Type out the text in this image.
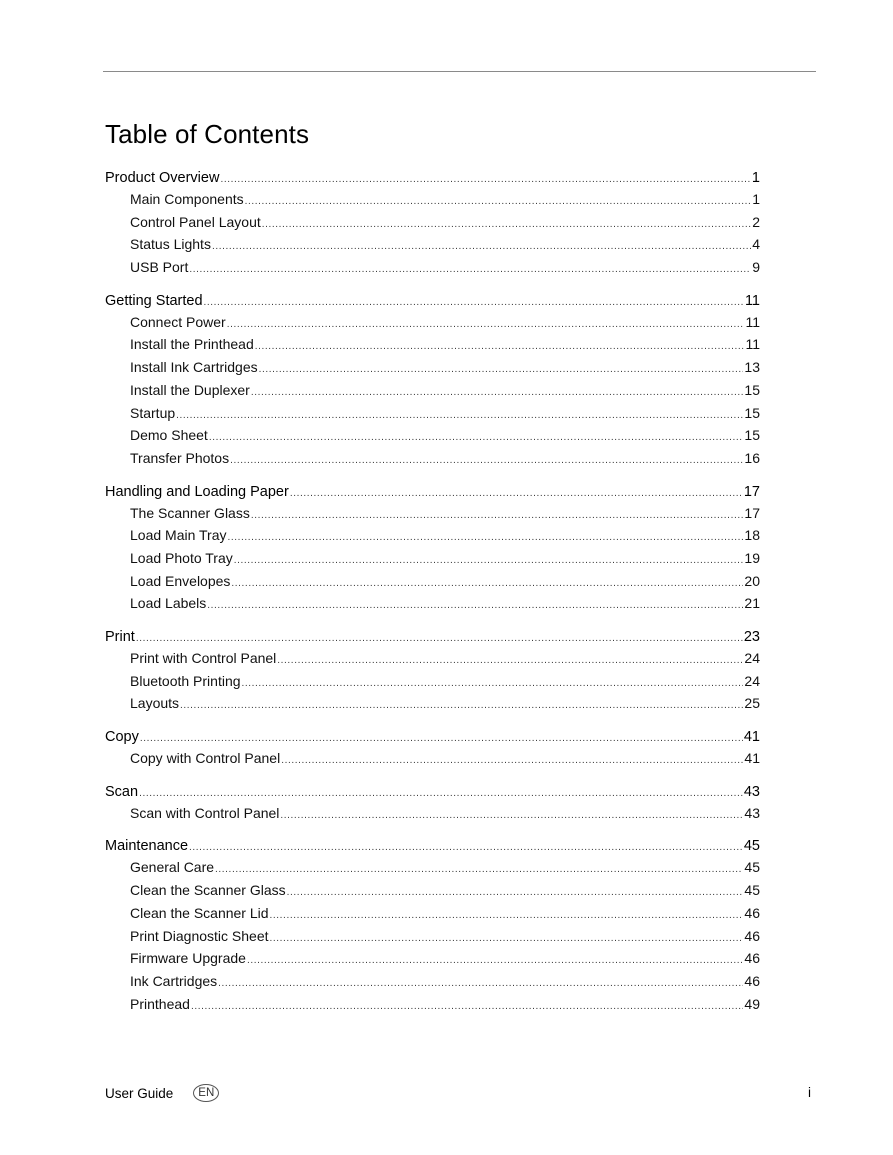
Table of Contents
Product Overview .....	1
Main Components .....	1
Control Panel Layout .....	2
Status Lights .....	4
USB Port .....	9
Getting Started .....	11
Connect Power .....	11
Install the Printhead .....	11
Install Ink Cartridges .....	13
Install the Duplexer .....	15
Startup .....	15
Demo Sheet .....	15
Transfer Photos .....	16
Handling and Loading Paper .....	17
The Scanner Glass .....	17
Load Main Tray .....	18
Load Photo Tray .....	19
Load Envelopes .....	20
Load Labels .....	21
Print .....	23
Print with Control Panel .....	24
Bluetooth Printing .....	24
Layouts .....	25
Copy .....	41
Copy with Control Panel .....	41
Scan .....	43
Scan with Control Panel .....	43
Maintenance .....	45
General Care .....	45
Clean the Scanner Glass .....	45
Clean the Scanner Lid .....	46
Print Diagnostic Sheet .....	46
Firmware Upgrade .....	46
Ink Cartridges .....	46
Printhead .....	49
User Guide	EN	i
